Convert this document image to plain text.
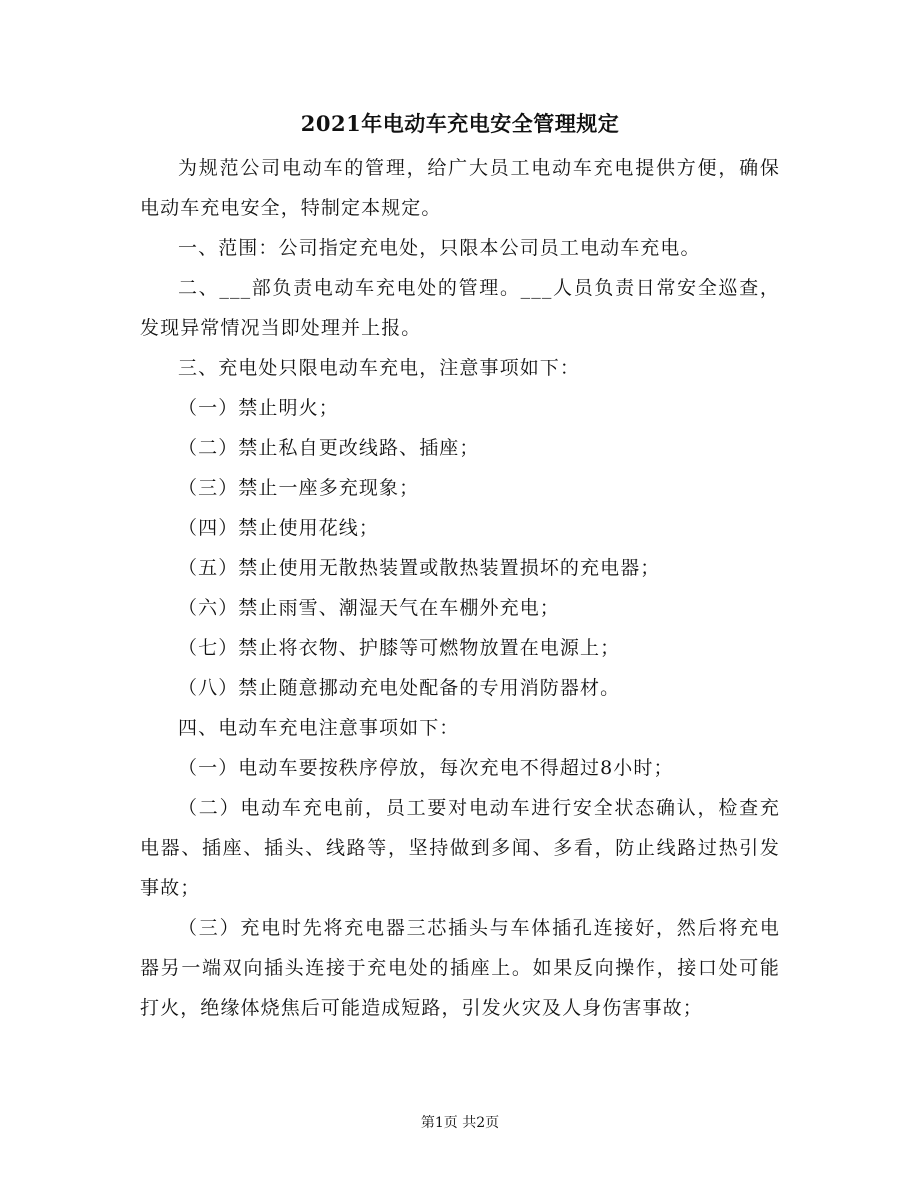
2021年电动车充电安全管理规定

为规范公司电动车的管理，给广大员工电动车充电提供方便，确保电动车充电安全，特制定本规定。

一、范围：公司指定充电处，只限本公司员工电动车充电。

二、___部负责电动车充电处的管理。___人员负责日常安全巡查，发现异常情况当即处理并上报。

三、充电处只限电动车充电，注意事项如下：

（一）禁止明火；

（二）禁止私自更改线路、插座；

（三）禁止一座多充现象；

（四）禁止使用花线；

（五）禁止使用无散热装置或散热装置损坏的充电器；

（六）禁止雨雪、潮湿天气在车棚外充电；

（七）禁止将衣物、护膝等可燃物放置在电源上；

（八）禁止随意挪动充电处配备的专用消防器材。

四、电动车充电注意事项如下：

（一）电动车要按秩序停放，每次充电不得超过8小时；

（二）电动车充电前，员工要对电动车进行安全状态确认，检查充电器、插座、插头、线路等，坚持做到多闻、多看，防止线路过热引发事故；

（三）充电时先将充电器三芯插头与车体插孔连接好，然后将充电器另一端双向插头连接于充电处的插座上。如果反向操作，接口处可能打火，绝缘体烧焦后可能造成短路，引发火灾及人身伤害事故；

第1页 共2页
